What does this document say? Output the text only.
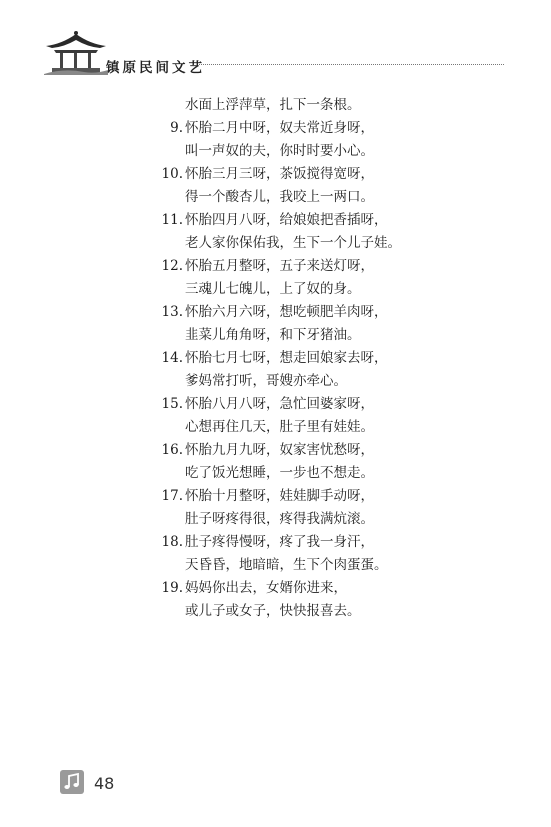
镇原民间文艺
水面上浮萍草，扎下一条根。
9. 怀胎二月中呀，奴夫常近身呀，
叫一声奴的夫，你时时要小心。
10. 怀胎三月三呀，茶饭搅得宽呀，
得一个酸杏儿，我咬上一两口。
11. 怀胎四月八呀，给娘娘把香插呀，
老人家你保佑我，生下一个儿子娃。
12. 怀胎五月整呀，五子来送灯呀，
三魂儿七魄儿，上了奴的身。
13. 怀胎六月六呀，想吃顿肥羊肉呀，
韭菜儿角角呀，和下牙猪油。
14. 怀胎七月七呀，想走回娘家去呀，
爹妈常打听，哥嫂亦牵心。
15. 怀胎八月八呀，急忙回婆家呀，
心想再住几天，肚子里有娃娃。
16. 怀胎九月九呀，奴家害忧愁呀，
吃了饭光想睡，一步也不想走。
17. 怀胎十月整呀，娃娃脚手动呀，
肚子呀疼得很，疼得我满炕滚。
18. 肚子疼得慢呀，疼了我一身汗，
天昏昏，地暗暗，生下个肉蛋蛋。
19. 妈妈你出去，女婿你进来，
或儿子或女子，快快报喜去。
48
